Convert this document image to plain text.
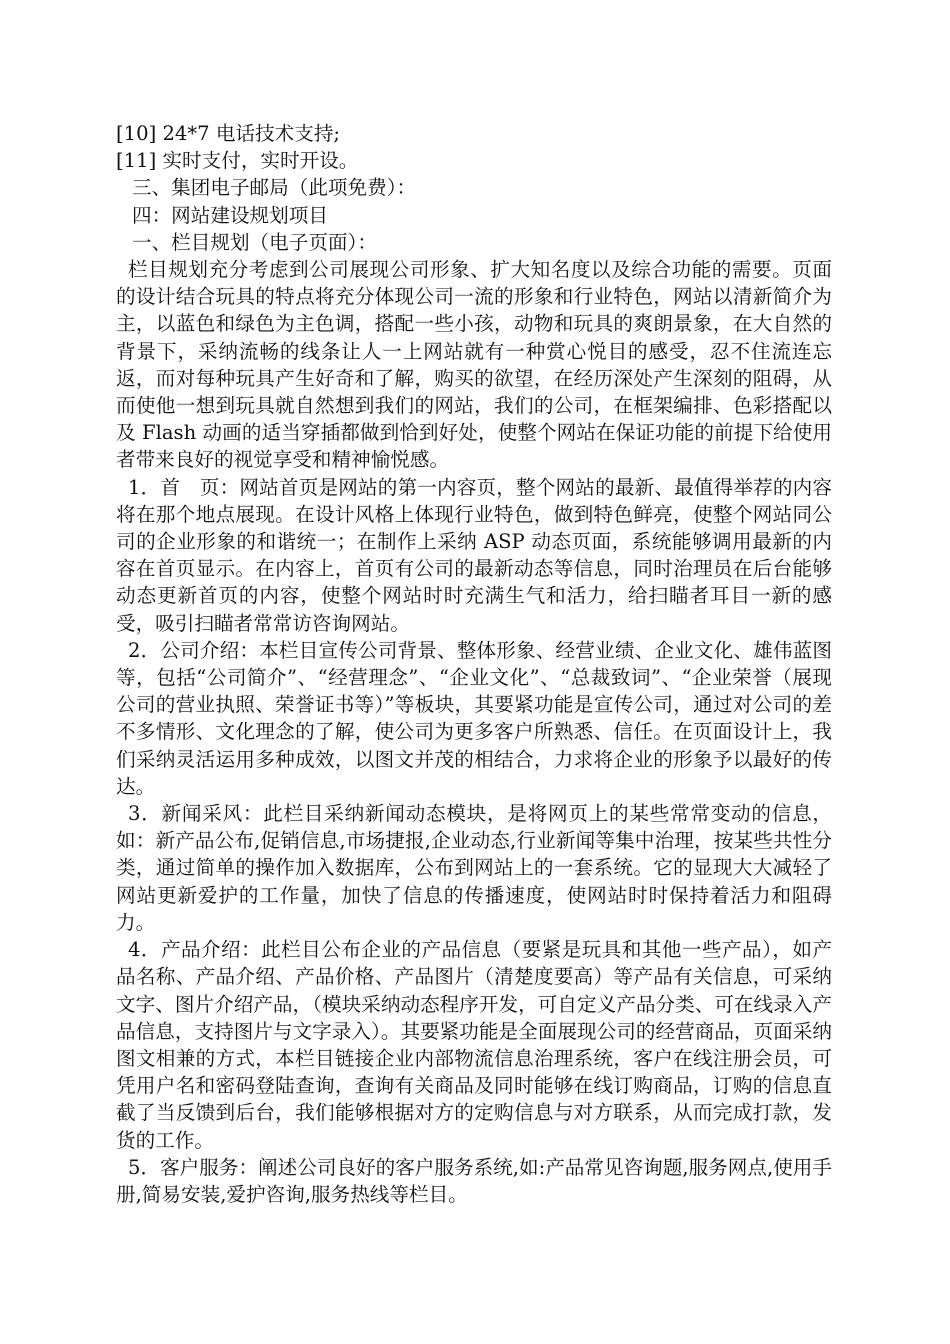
[10] 24*7 电话技术支持;

[11] 实时支付，实时开设。

三、集团电子邮局（此项免费）：

四：网站建设规划项目

一、栏目规划（电子页面）：

栏目规划充分考虑到公司展现公司形象、扩大知名度以及综合功能的需要。页面的设计结合玩具的特点将充分体现公司一流的形象和行业特色，网站以清新简介为主，以蓝色和绿色为主色调，搭配一些小孩，动物和玩具的爽朗景象，在大自然的背景下，采纳流畅的线条让人一上网站就有一种赏心悦目的感受，忍不住流连忘返，而对每种玩具产生好奇和了解，购买的欲望，在经历深处产生深刻的阻碍，从而使他一想到玩具就自然想到我们的网站，我们的公司，在框架编排、色彩搭配以及 Flash 动画的适当穿插都做到恰到好处，使整个网站在保证功能的前提下给使用者带来良好的视觉享受和精神愉悦感。

1．首　页：网站首页是网站的第一内容页，整个网站的最新、最值得举荐的内容将在那个地点展现。在设计风格上体现行业特色，做到特色鲜亮，使整个网站同公司的企业形象的和谐统一；在制作上采纳 ASP 动态页面，系统能够调用最新的内容在首页显示。在内容上，首页有公司的最新动态等信息，同时治理员在后台能够动态更新首页的内容，使整个网站时时充满生气和活力，给扫瞄者耳目一新的感受，吸引扫瞄者常常访咨询网站。

2．公司介绍：本栏目宣传公司背景、整体形象、经营业绩、企业文化、雄伟蓝图等，包括“公司简介”、“经营理念”、“企业文化”、“总裁致词”、“企业荣誉（展现公司的营业执照、荣誉证书等）”等板块，其要紧功能是宣传公司，通过对公司的差不多情形、文化理念的了解，使公司为更多客户所熟悉、信任。在页面设计上，我们采纳灵活运用多种成效，以图文并茂的相结合，力求将企业的形象予以最好的传达。

3．新闻采风：此栏目采纳新闻动态模块，是将网页上的某些常常变动的信息，如：新产品公布,促销信息,市场捷报,企业动态,行业新闻等集中治理，按某些共性分类，通过简单的操作加入数据库，公布到网站上的一套系统。它的显现大大减轻了网站更新爱护的工作量，加快了信息的传播速度，使网站时时保持着活力和阻碍力。

4．产品介绍：此栏目公布企业的产品信息（要紧是玩具和其他一些产品），如产品名称、产品介绍、产品价格、产品图片（清楚度要高）等产品有关信息，可采纳文字、图片介绍产品，（模块采纳动态程序开发，可自定义产品分类、可在线录入产品信息，支持图片与文字录入）。其要紧功能是全面展现公司的经营商品，页面采纳图文相兼的方式，本栏目链接企业内部物流信息治理系统，客户在线注册会员，可凭用户名和密码登陆查询，查询有关商品及同时能够在线订购商品，订购的信息直截了当反馈到后台，我们能够根据对方的定购信息与对方联系，从而完成打款，发货的工作。

5．客户服务：阐述公司良好的客户服务系统,如:产品常见咨询题,服务网点,使用手册,简易安装,爱护咨询,服务热线等栏目。
